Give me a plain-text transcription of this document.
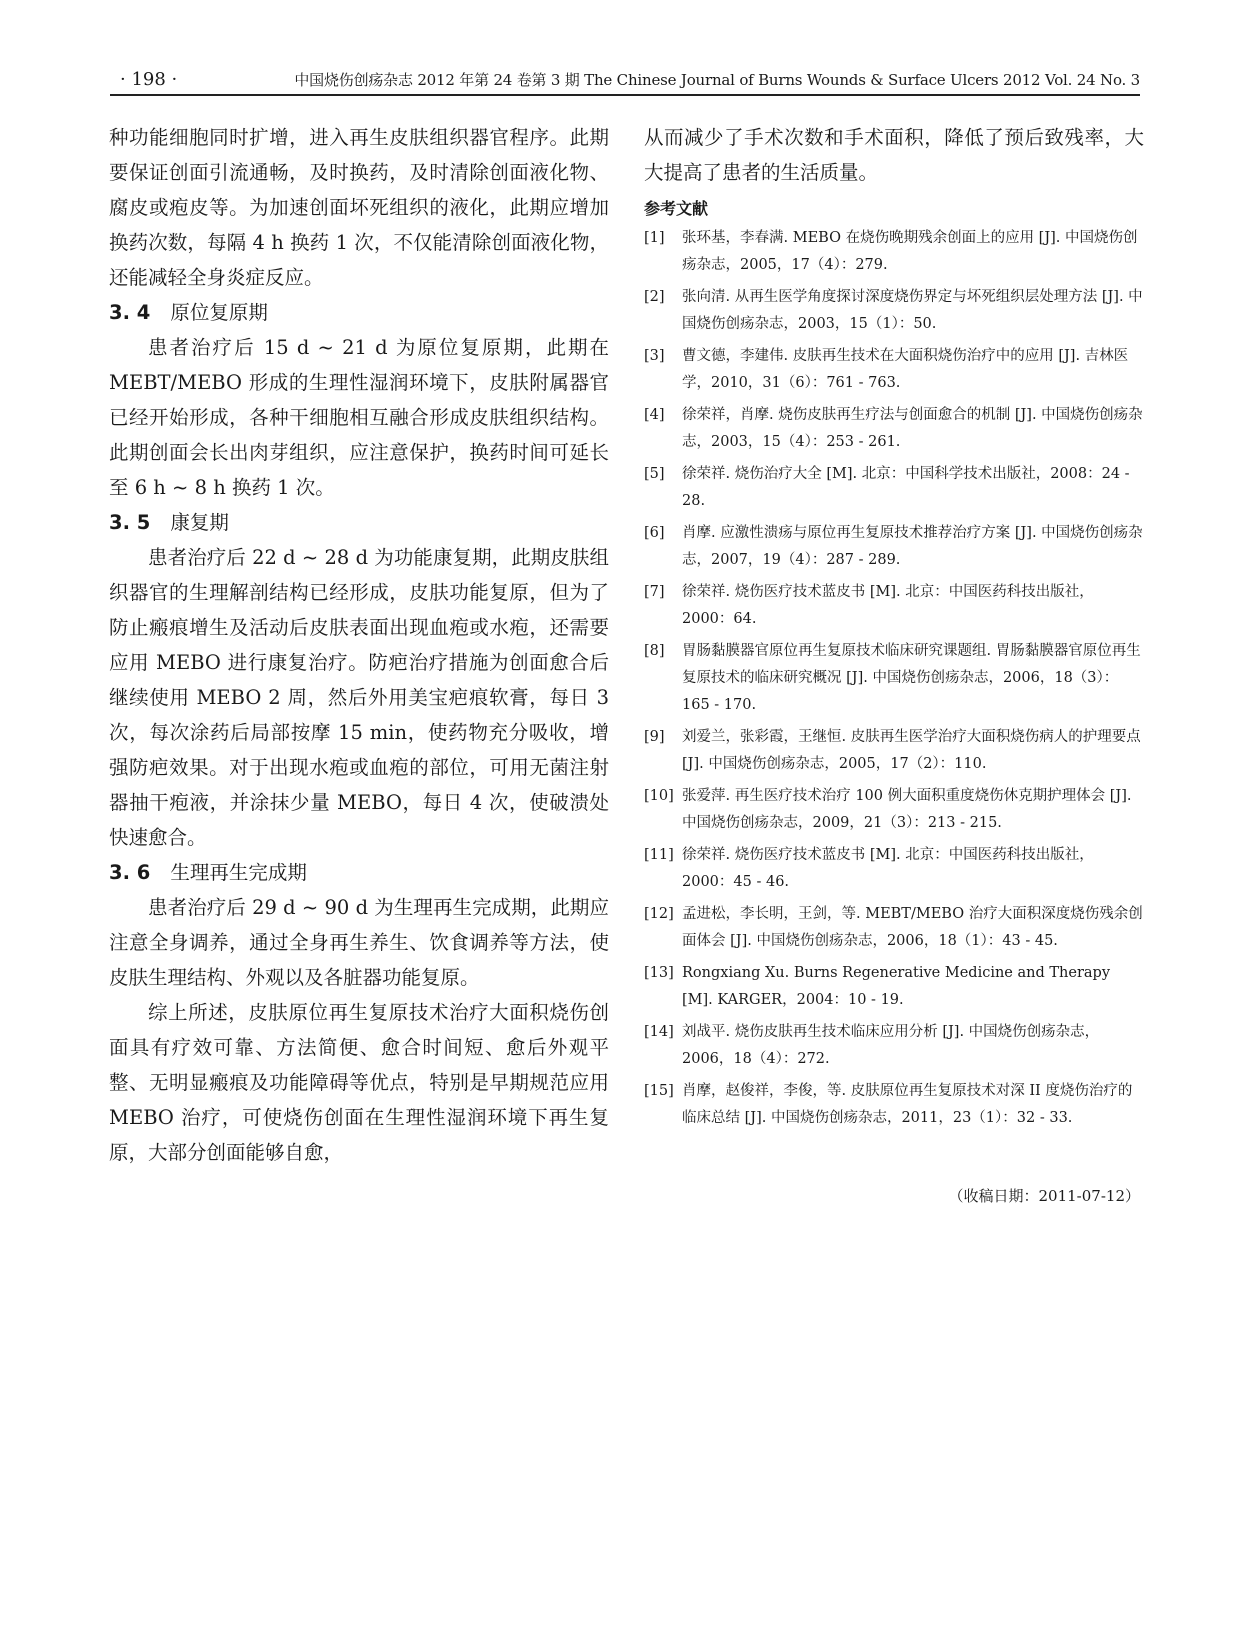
· 198 ·	中国烧伤创疡杂志 2012 年第 24 卷第 3 期 The Chinese Journal of Burns Wounds & Surface Ulcers 2012 Vol. 24 No. 3

种功能细胞同时扩增，进入再生皮肤组织器官程序。此期要保证创面引流通畅，及时换药，及时清除创面液化物、腐皮或疱皮等。为加速创面坏死组织的液化，此期应增加换药次数，每隔 4 h 换药 1 次，不仅能清除创面液化物，还能减轻全身炎症反应。

3. 4 原位复原期

患者治疗后 15 d ~ 21 d 为原位复原期，此期在 MEBT/MEBO 形成的生理性湿润环境下，皮肤附属器官已经开始形成，各种干细胞相互融合形成皮肤组织结构。此期创面会长出肉芽组织，应注意保护，换药时间可延长至 6 h ~ 8 h 换药 1 次。

3. 5 康复期

患者治疗后 22 d ~ 28 d 为功能康复期，此期皮肤组织器官的生理解剖结构已经形成，皮肤功能复原，但为了防止瘢痕增生及活动后皮肤表面出现血疱或水疱，还需要应用 MEBO 进行康复治疗。防疤治疗措施为创面愈合后继续使用 MEBO 2 周，然后外用美宝疤痕软膏，每日 3 次，每次涂药后局部按摩 15 min，使药物充分吸收，增强防疤效果。对于出现水疱或血疱的部位，可用无菌注射器抽干疱液，并涂抹少量 MEBO，每日 4 次，使破溃处快速愈合。

3. 6 生理再生完成期

患者治疗后 29 d ~ 90 d 为生理再生完成期，此期应注意全身调养，通过全身再生养生、饮食调养等方法，使皮肤生理结构、外观以及各脏器功能复原。

综上所述，皮肤原位再生复原技术治疗大面积烧伤创面具有疗效可靠、方法简便、愈合时间短、愈后外观平整、无明显瘢痕及功能障碍等优点，特别是早期规范应用 MEBO 治疗，可使烧伤创面在生理性湿润环境下再生复原，大部分创面能够自愈，

从而减少了手术次数和手术面积，降低了预后致残率，大大提高了患者的生活质量。

参考文献
[1]	张环基，李春满. MEBO 在烧伤晚期残余创面上的应用 [J]. 中国烧伤创疡杂志，2005，17（4）：279.
[2]	张向清. 从再生医学角度探讨深度烧伤界定与坏死组织层处理方法 [J]. 中国烧伤创疡杂志，2003，15（1）：50.
[3]	曹文德，李建伟. 皮肤再生技术在大面积烧伤治疗中的应用 [J]. 吉林医学，2010，31（6）：761 - 763.
[4]	徐荣祥，肖摩. 烧伤皮肤再生疗法与创面愈合的机制 [J]. 中国烧伤创疡杂志，2003，15（4）：253 - 261.
[5]	徐荣祥. 烧伤治疗大全 [M]. 北京：中国科学技术出版社，2008：24 - 28.
[6]	肖摩. 应激性溃疡与原位再生复原技术推荐治疗方案 [J]. 中国烧伤创疡杂志，2007，19（4）：287 - 289.
[7]	徐荣祥. 烧伤医疗技术蓝皮书 [M]. 北京：中国医药科技出版社，2000：64.
[8]	胃肠黏膜器官原位再生复原技术临床研究课题组. 胃肠黏膜器官原位再生复原技术的临床研究概况 [J]. 中国烧伤创疡杂志，2006，18（3）：165 - 170.
[9]	刘爱兰，张彩霞，王继恒. 皮肤再生医学治疗大面积烧伤病人的护理要点 [J]. 中国烧伤创疡杂志，2005，17（2）：110.
[10] 张爱萍. 再生医疗技术治疗 100 例大面积重度烧伤休克期护理体会 [J]. 中国烧伤创疡杂志，2009，21（3）：213 - 215.
[11] 徐荣祥. 烧伤医疗技术蓝皮书 [M]. 北京：中国医药科技出版社，2000：45 - 46.
[12] 孟进松，李长明，王剑，等. MEBT/MEBO 治疗大面积深度烧伤残余创面体会 [J]. 中国烧伤创疡杂志，2006，18（1）：43 - 45.
[13] Rongxiang Xu. Burns Regenerative Medicine and Therapy [M]. KARGER，2004：10 - 19.
[14] 刘战平. 烧伤皮肤再生技术临床应用分析 [J]. 中国烧伤创疡杂志，2006，18（4）：272.
[15] 肖摩，赵俊祥，李俊，等. 皮肤原位再生复原技术对深 II 度烧伤治疗的临床总结 [J]. 中国烧伤创疡杂志，2011，23（1）：32 - 33.
（收稿日期：2011-07-12）
